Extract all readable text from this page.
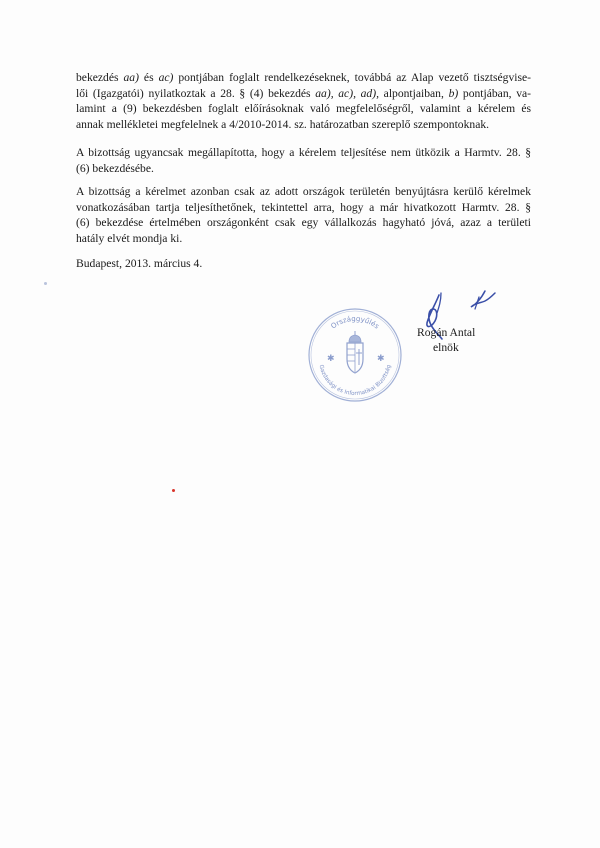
bekezdés aa) és ac) pontjában foglalt rendelkezéseknek, továbbá az Alap vezető tisztségvise-
lői (Igazgatói) nyilatkoztak a 28. § (4) bekezdés aa), ac), ad), alpontjaiban, b) pontjában, va-
lamint a (9) bekezdésben foglalt előírásoknak való megfelelőségről, valamint a kérelem és
annak mellékletei megfelelnek a 4/2010-2014. sz. határozatban szereplő szempontoknak.

A bizottság ugyancsak megállapította, hogy a kérelem teljesítése nem ütközik a Harmtv. 28. §
(6) bekezdésébe.

A bizottság a kérelmet azonban csak az adott országok területén benyújtásra kerülő kérelmek
vonatkozásában tartja teljesíthetőnek, tekintettel arra, hogy a már hivatkozott Harmtv. 28. §
(6) bekezdése értelmében országonként csak egy vállalkozás hagyható jóvá, azaz a területi
hatály elvét mondja ki.

Budapest, 2013. március 4.
Országgyűlés
Gazdasági és Informatikai Bizottság
✱	✱
Rogán Antal
elnök
